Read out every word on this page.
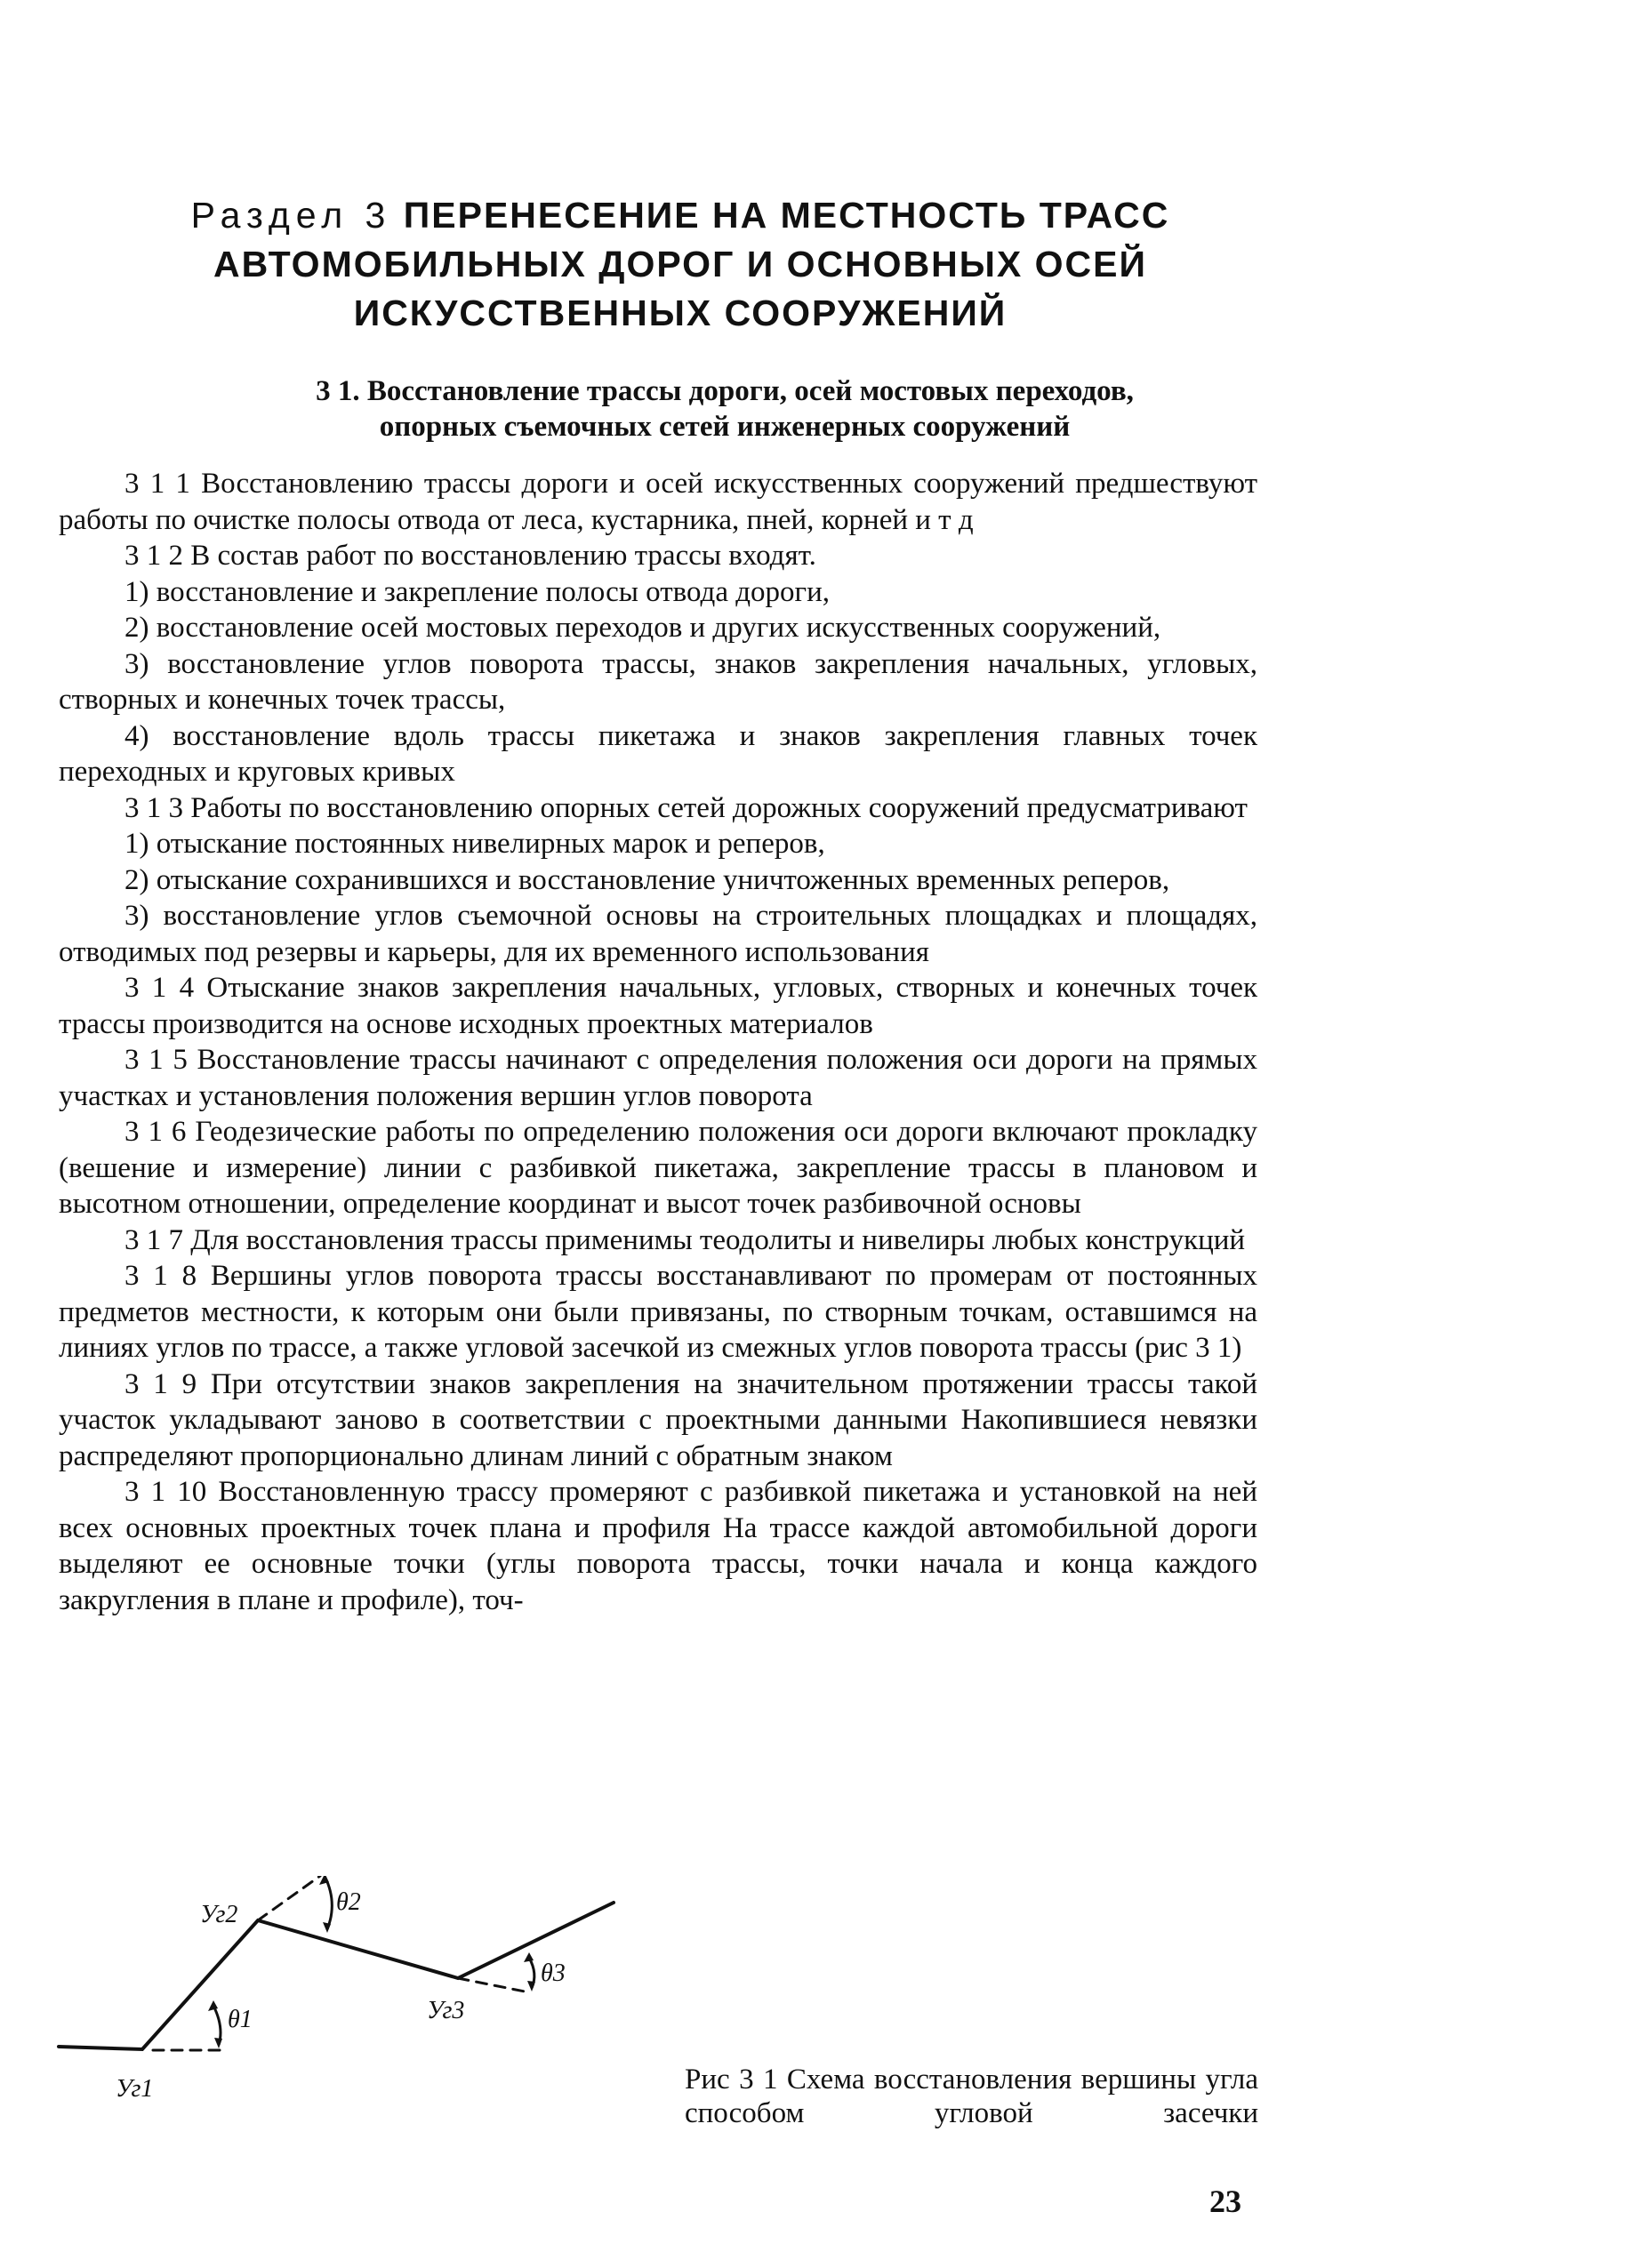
Раздел 3 ПЕРЕНЕСЕНИЕ НА МЕСТНОСТЬ ТРАСС
АВТОМОБИЛЬНЫХ ДОРОГ И ОСНОВНЫХ ОСЕЙ
ИСКУССТВЕННЫХ СООРУЖЕНИЙ
3 1. Восстановление трассы дороги, осей мостовых переходов,
опорных съемочных сетей инженерных сооружений

3 1 1 Восстановлению трассы дороги и осей искусственных сооружений предшествуют работы по очистке полосы отвода от леса, кустарника, пней, корней и т д

3 1 2 В состав работ по восстановлению трассы входят.

1) восстановление и закрепление полосы отвода дороги,

2) восстановление осей мостовых переходов и других искусственных сооружений,

3) восстановление углов поворота трассы, знаков закрепления начальных, угловых, створных и конечных точек трассы,

4) восстановление вдоль трассы пикетажа и знаков закрепления главных точек переходных и круговых кривых

3 1 3 Работы по восстановлению опорных сетей дорожных сооружений предусматривают

1) отыскание постоянных нивелирных марок и реперов,

2) отыскание сохранившихся и восстановление уничтоженных временных реперов,

3) восстановление углов съемочной основы на строительных площадках и площадях, отводимых под резервы и карьеры, для их временного использования

3 1 4 Отыскание знаков закрепления начальных, угловых, створных и конечных точек трассы производится на основе исходных проектных материалов

3 1 5 Восстановление трассы начинают с определения положения оси дороги на прямых участках и установления положения вершин углов поворота

3 1 6 Геодезические работы по определению положения оси дороги включают прокладку (вешение и измерение) линии с разбивкой пикетажа, закрепление трассы в плановом и высотном отношении, определение координат и высот точек разбивочной основы

3 1 7 Для восстановления трассы применимы теодолиты и нивелиры любых конструкций

3 1 8 Вершины углов поворота трассы восстанавливают по промерам от постоянных предметов местности, к которым они были привязаны, по створным точкам, оставшимся на линиях углов по трассе, а также угловой засечкой из смежных углов поворота трассы (рис 3 1)

3 1 9 При отсутствии знаков закрепления на значительном протяжении трассы такой участок укладывают заново в соответствии с проектными данными Накопившиеся невязки распределяют пропорционально длинам линий с обратным знаком

3 1 10 Восстановленную трассу промеряют с разбивкой пикетажа и установкой на ней всех основных проектных точек плана и профиля На трассе каждой автомобильной дороги выделяют ее основные точки (углы поворота трассы, точки начала и конца каждого закругления в плане и профиле), точ-

Уг1
Уг2
Уг3
θ1
θ2
θ3
Рис 3 1 Схема восстановления вершины угла способом угловой засечки
23
